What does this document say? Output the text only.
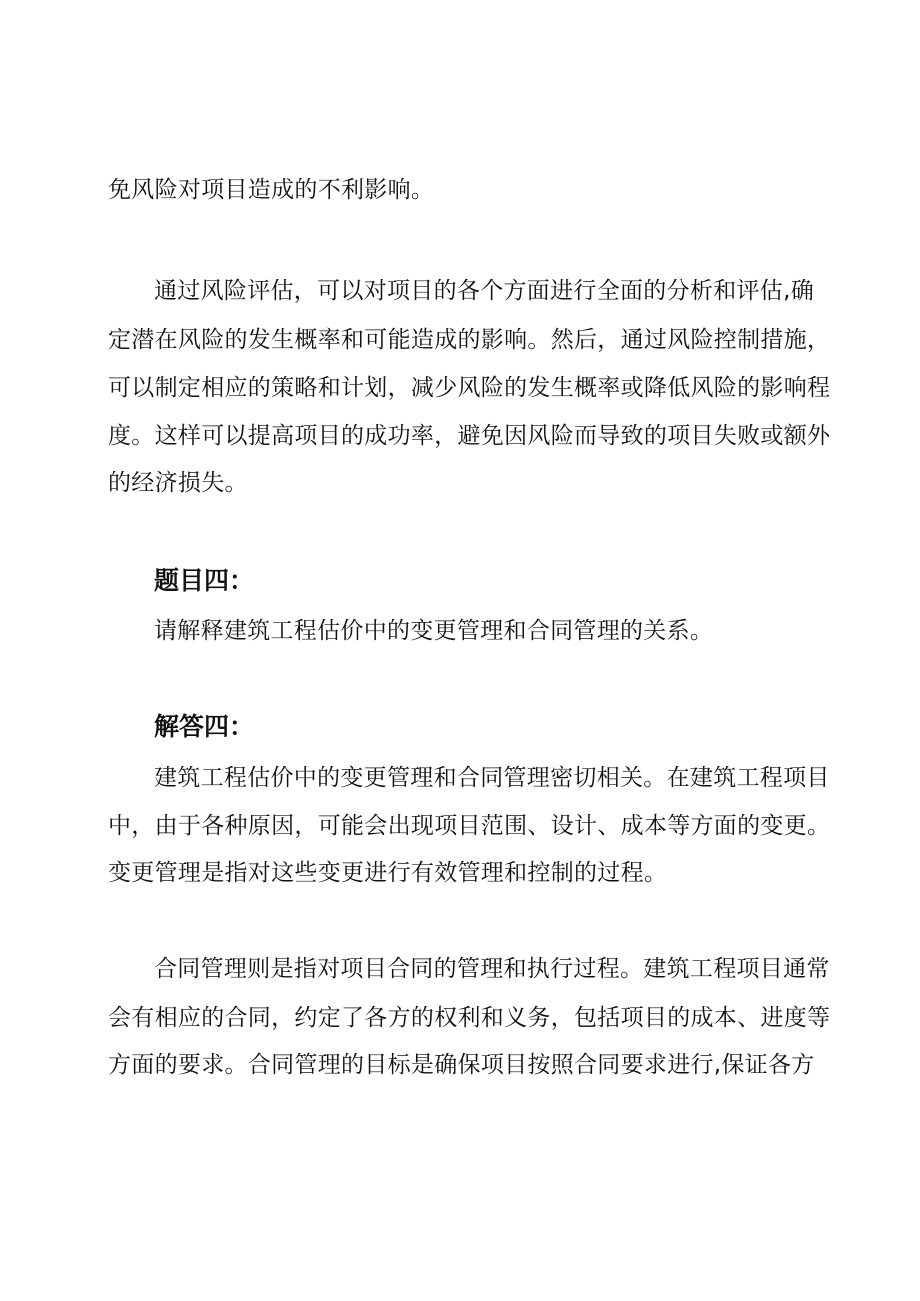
免风险对项目造成的不利影响。
通过风险评估，可以对项目的各个方面进行全面的分析和评估,确
定潜在风险的发生概率和可能造成的影响。然后，通过风险控制措施，
可以制定相应的策略和计划，减少风险的发生概率或降低风险的影响程
度。这样可以提高项目的成功率，避免因风险而导致的项目失败或额外
的经济损失。
题目四：
请解释建筑工程估价中的变更管理和合同管理的关系。
解答四：
建筑工程估价中的变更管理和合同管理密切相关。在建筑工程项目
中，由于各种原因，可能会出现项目范围、设计、成本等方面的变更。
变更管理是指对这些变更进行有效管理和控制的过程。
合同管理则是指对项目合同的管理和执行过程。建筑工程项目通常
会有相应的合同，约定了各方的权利和义务，包括项目的成本、进度等
方面的要求。合同管理的目标是确保项目按照合同要求进行,保证各方
